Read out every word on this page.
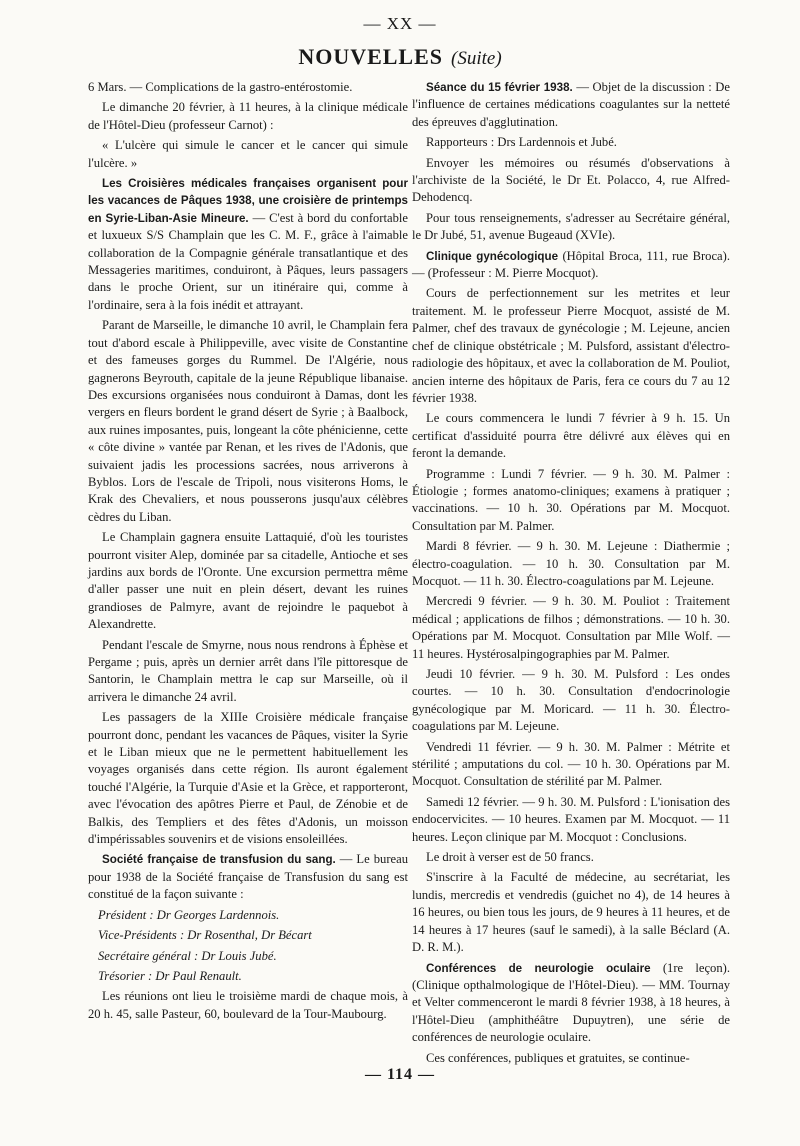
— XX —
NOUVELLES (Suite)

6 Mars. — Complications de la gastro-entérostomie.

Le dimanche 20 février, à 11 heures, à la clinique médicale de l'Hôtel-Dieu (professeur Carnot) :

« L'ulcère qui simule le cancer et le cancer qui simule l'ulcère. »

Les Croisières médicales françaises organisent pour les vacances de Pâques 1938, une croisière de printemps en Syrie-Liban-Asie Mineure. — C'est à bord du confortable et luxueux S/S Champlain que les C. M. F., grâce à l'aimable collaboration de la Compagnie générale transatlantique et des Messageries maritimes, conduiront, à Pâques, leurs passagers dans le proche Orient, sur un itinéraire qui, comme à l'ordinaire, sera à la fois inédit et attrayant.

Parant de Marseille, le dimanche 10 avril, le Champlain fera tout d'abord escale à Philippeville, avec visite de Constantine et des fameuses gorges du Rummel. De l'Algérie, nous gagnerons Beyrouth, capitale de la jeune République libanaise. Des excursions organisées nous conduiront à Damas, dont les vergers en fleurs bordent le grand désert de Syrie ; à Baalbock, aux ruines imposantes, puis, longeant la côte phénicienne, cette « côte divine » vantée par Renan, et les rives de l'Adonis, que suivaient jadis les processions sacrées, nous arriverons à Byblos. Lors de l'escale de Tripoli, nous visiterons Homs, le Krak des Chevaliers, et nous pousserons jusqu'aux célèbres cèdres du Liban.

Le Champlain gagnera ensuite Lattaquié, d'où les touristes pourront visiter Alep, dominée par sa citadelle, Antioche et ses jardins aux bords de l'Oronte. Une excursion permettra même d'aller passer une nuit en plein désert, devant les ruines grandioses de Palmyre, avant de rejoindre le paquebot à Alexandrette.

Pendant l'escale de Smyrne, nous nous rendrons à Éphèse et Pergame ; puis, après un dernier arrêt dans l'île pittoresque de Santorin, le Champlain mettra le cap sur Marseille, où il arrivera le dimanche 24 avril.

Les passagers de la XIIIe Croisière médicale française pourront donc, pendant les vacances de Pâques, visiter la Syrie et le Liban mieux que ne le permettent habituellement les voyages organisés dans cette région. Ils auront également touché l'Algérie, la Turquie d'Asie et la Grèce, et rapporteront, avec l'évocation des apôtres Pierre et Paul, de Zénobie et de Balkis, des Templiers et des fêtes d'Adonis, un moisson d'impérissables souvenirs et de visions ensoleillées.

Société française de transfusion du sang. — Le bureau pour 1938 de la Société française de Transfusion du sang est constitué de la façon suivante :

Président : Dr Georges Lardennois.

Vice-Présidents : Dr Rosenthal, Dr Bécart

Secrétaire général : Dr Louis Jubé.

Trésorier : Dr Paul Renault.

Les réunions ont lieu le troisième mardi de chaque mois, à 20 h. 45, salle Pasteur, 60, boulevard de la Tour-Maubourg.

Séance du 15 février 1938. — Objet de la discussion : De l'influence de certaines médications coagulantes sur la netteté des épreuves d'agglutination.

Rapporteurs : Drs Lardennois et Jubé.

Envoyer les mémoires ou résumés d'observations à l'archiviste de la Société, le Dr Et. Polacco, 4, rue Alfred-Dehodencq.

Pour tous renseignements, s'adresser au Secrétaire général, le Dr Jubé, 51, avenue Bugeaud (XVIe).

Clinique gynécologique (Hôpital Broca, 111, rue Broca). — (Professeur : M. Pierre Mocquot).

Cours de perfectionnement sur les metrites et leur traitement. M. le professeur Pierre Mocquot, assisté de M. Palmer, chef des travaux de gynécologie ; M. Lejeune, ancien chef de clinique obstétricale ; M. Pulsford, assistant d'électro-radiologie des hôpitaux, et avec la collaboration de M. Pouliot, ancien interne des hôpitaux de Paris, fera ce cours du 7 au 12 février 1938.

Le cours commencera le lundi 7 février à 9 h. 15. Un certificat d'assiduité pourra être délivré aux élèves qui en feront la demande.

Programme : Lundi 7 février. — 9 h. 30. M. Palmer : Étiologie ; formes anatomo-cliniques; examens à pratiquer ; vaccinations. — 10 h. 30. Opérations par M. Mocquot. Consultation par M. Palmer.

Mardi 8 février. — 9 h. 30. M. Lejeune : Diathermie ; électro-coagulation. — 10 h. 30. Consultation par M. Mocquot. — 11 h. 30. Électro-coagulations par M. Lejeune.

Mercredi 9 février. — 9 h. 30. M. Pouliot : Traitement médical ; applications de filhos ; démonstrations. — 10 h. 30. Opérations par M. Mocquot. Consultation par Mlle Wolf. — 11 heures. Hystérosalpingographies par M. Palmer.

Jeudi 10 février. — 9 h. 30. M. Pulsford : Les ondes courtes. — 10 h. 30. Consultation d'endocrinologie gynécologique par M. Moricard. — 11 h. 30. Électro-coagulations par M. Lejeune.

Vendredi 11 février. — 9 h. 30. M. Palmer : Métrite et stérilité ; amputations du col. — 10 h. 30. Opérations par M. Mocquot. Consultation de stérilité par M. Palmer.

Samedi 12 février. — 9 h. 30. M. Pulsford : L'ionisation des endocervicites. — 10 heures. Examen par M. Mocquot. — 11 heures. Leçon clinique par M. Mocquot : Conclusions.

Le droit à verser est de 50 francs.

S'inscrire à la Faculté de médecine, au secrétariat, les lundis, mercredis et vendredis (guichet no 4), de 14 heures à 16 heures, ou bien tous les jours, de 9 heures à 11 heures, et de 14 heures à 17 heures (sauf le samedi), à la salle Béclard (A. D. R. M.).

Conférences de neurologie oculaire (1re leçon). (Clinique opthalmologique de l'Hôtel-Dieu). — MM. Tournay et Velter commenceront le mardi 8 février 1938, à 18 heures, à l'Hôtel-Dieu (amphithéâtre Dupuytren), une série de conférences de neurologie oculaire.

Ces conférences, publiques et gratuites, se continue-

— 114 —
